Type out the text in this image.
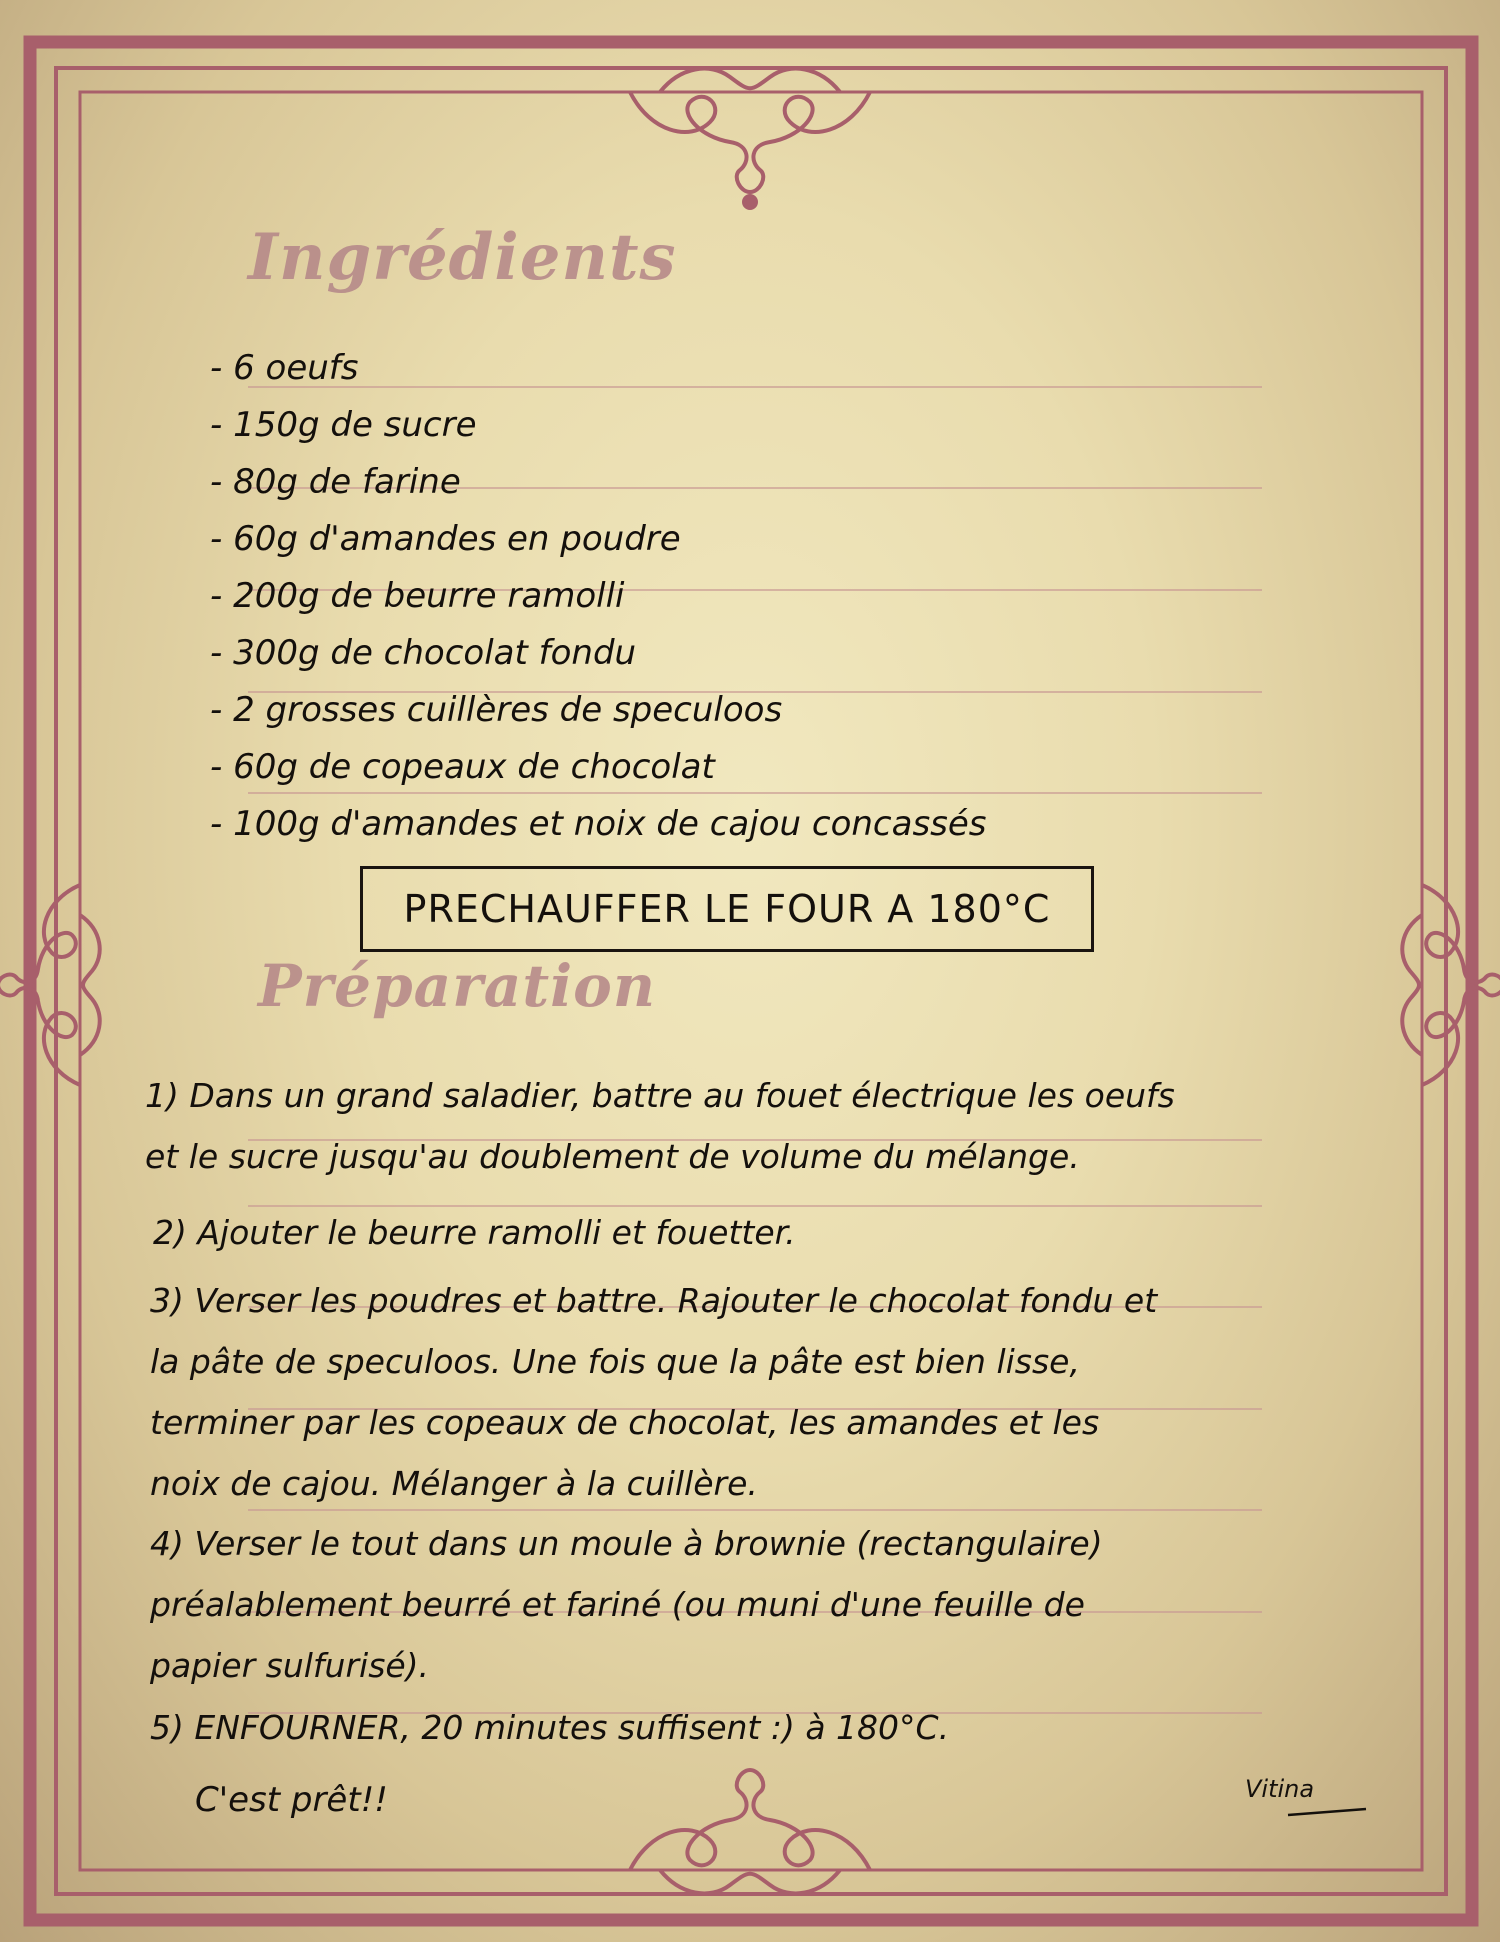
Ingrédients
- 6 oeufs
- 150g de sucre
- 80g de farine
- 60g d'amandes en poudre
- 200g de beurre ramolli
- 300g de chocolat fondu
- 2 grosses cuillères de speculoos
- 60g de copeaux de chocolat
- 100g d'amandes et noix de cajou concassés
PRECHAUFFER LE FOUR A 180°C
Préparation

1) Dans un grand saladier, battre au fouet électrique les oeufs
et le sucre jusqu'au doublement de volume du mélange.

2) Ajouter le beurre ramolli et fouetter.

3) Verser les poudres et battre. Rajouter le chocolat fondu et
la pâte de speculoos. Une fois que la pâte est bien lisse,
terminer par les copeaux de chocolat, les amandes et les
noix de cajou. Mélanger à la cuillère.

4) Verser le tout dans un moule à brownie (rectangulaire)
préalablement beurré et fariné (ou muni d'une feuille de
papier sulfurisé).

5) ENFOURNER, 20 minutes suffisent :) à 180°C.

C'est prêt!!	Vitina
